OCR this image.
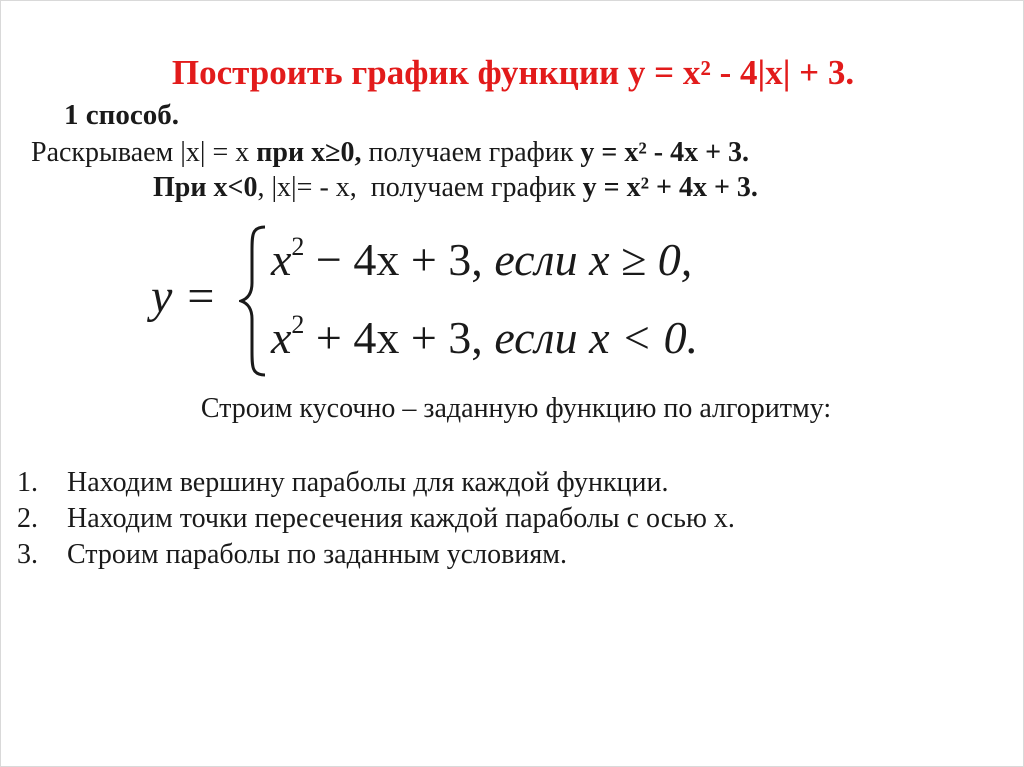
Построить график функции у = х² - 4|х| + 3.
1 способ.
Раскрываем |х| = х при х≥0, получаем график у = х² - 4х + 3.
При х<0, |х|= - х, получаем график у = х² + 4х + 3.
y =
$x^2 - 4x + 3$, если x ≥ 0,
$x^2 + 4x + 3$, если x < 0.
Строим кусочно – заданную функцию по алгоритму:
1. Находим вершину параболы для каждой функции.
2. Находим точки пересечения каждой параболы с осью х.
3. Строим параболы по заданным условиям.
